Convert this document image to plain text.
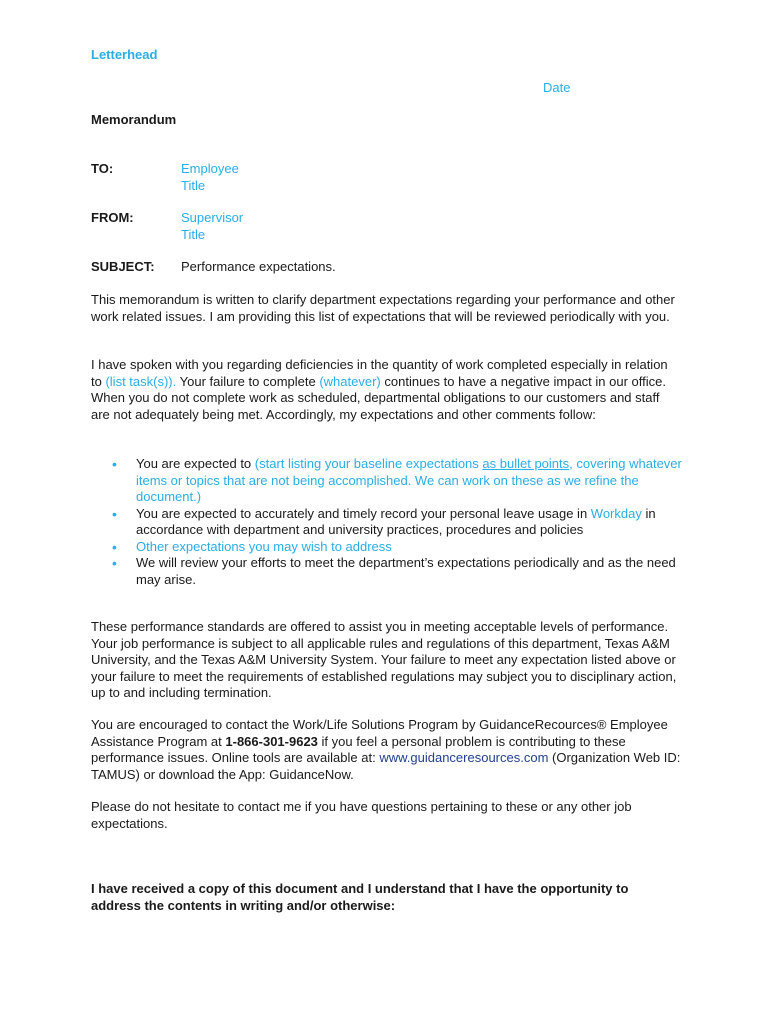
Letterhead
Date
Memorandum
TO:	Employee
Title
FROM:	Supervisor
Title
SUBJECT:	Performance expectations.

This memorandum is written to clarify department expectations regarding your performance and other work related issues. I am providing this list of expectations that will be reviewed periodically with you.

I have spoken with you regarding deficiencies in the quantity of work completed especially in relation to (list task(s)). Your failure to complete (whatever) continues to have a negative impact in our office. When you do not complete work as scheduled, departmental obligations to our customers and staff are not adequately being met. Accordingly, my expectations and other comments follow:

• You are expected to (start listing your baseline expectations as bullet points, covering whatever items or topics that are not being accomplished. We can work on these as we refine the document.)
• You are expected to accurately and timely record your personal leave usage in Workday in accordance with department and university practices, procedures and policies
• Other expectations you may wish to address
• We will review your efforts to meet the department’s expectations periodically and as the need may arise.

These performance standards are offered to assist you in meeting acceptable levels of performance. Your job performance is subject to all applicable rules and regulations of this department, Texas A&M University, and the Texas A&M University System. Your failure to meet any expectation listed above or your failure to meet the requirements of established regulations may subject you to disciplinary action, up to and including termination.

You are encouraged to contact the Work/Life Solutions Program by GuidanceRecources® Employee Assistance Program at 1-866-301-9623 if you feel a personal problem is contributing to these performance issues. Online tools are available at: www.guidanceresources.com (Organization Web ID: TAMUS) or download the App: GuidanceNow.

Please do not hesitate to contact me if you have questions pertaining to these or any other job expectations.

I have received a copy of this document and I understand that I have the opportunity to address the contents in writing and/or otherwise:
